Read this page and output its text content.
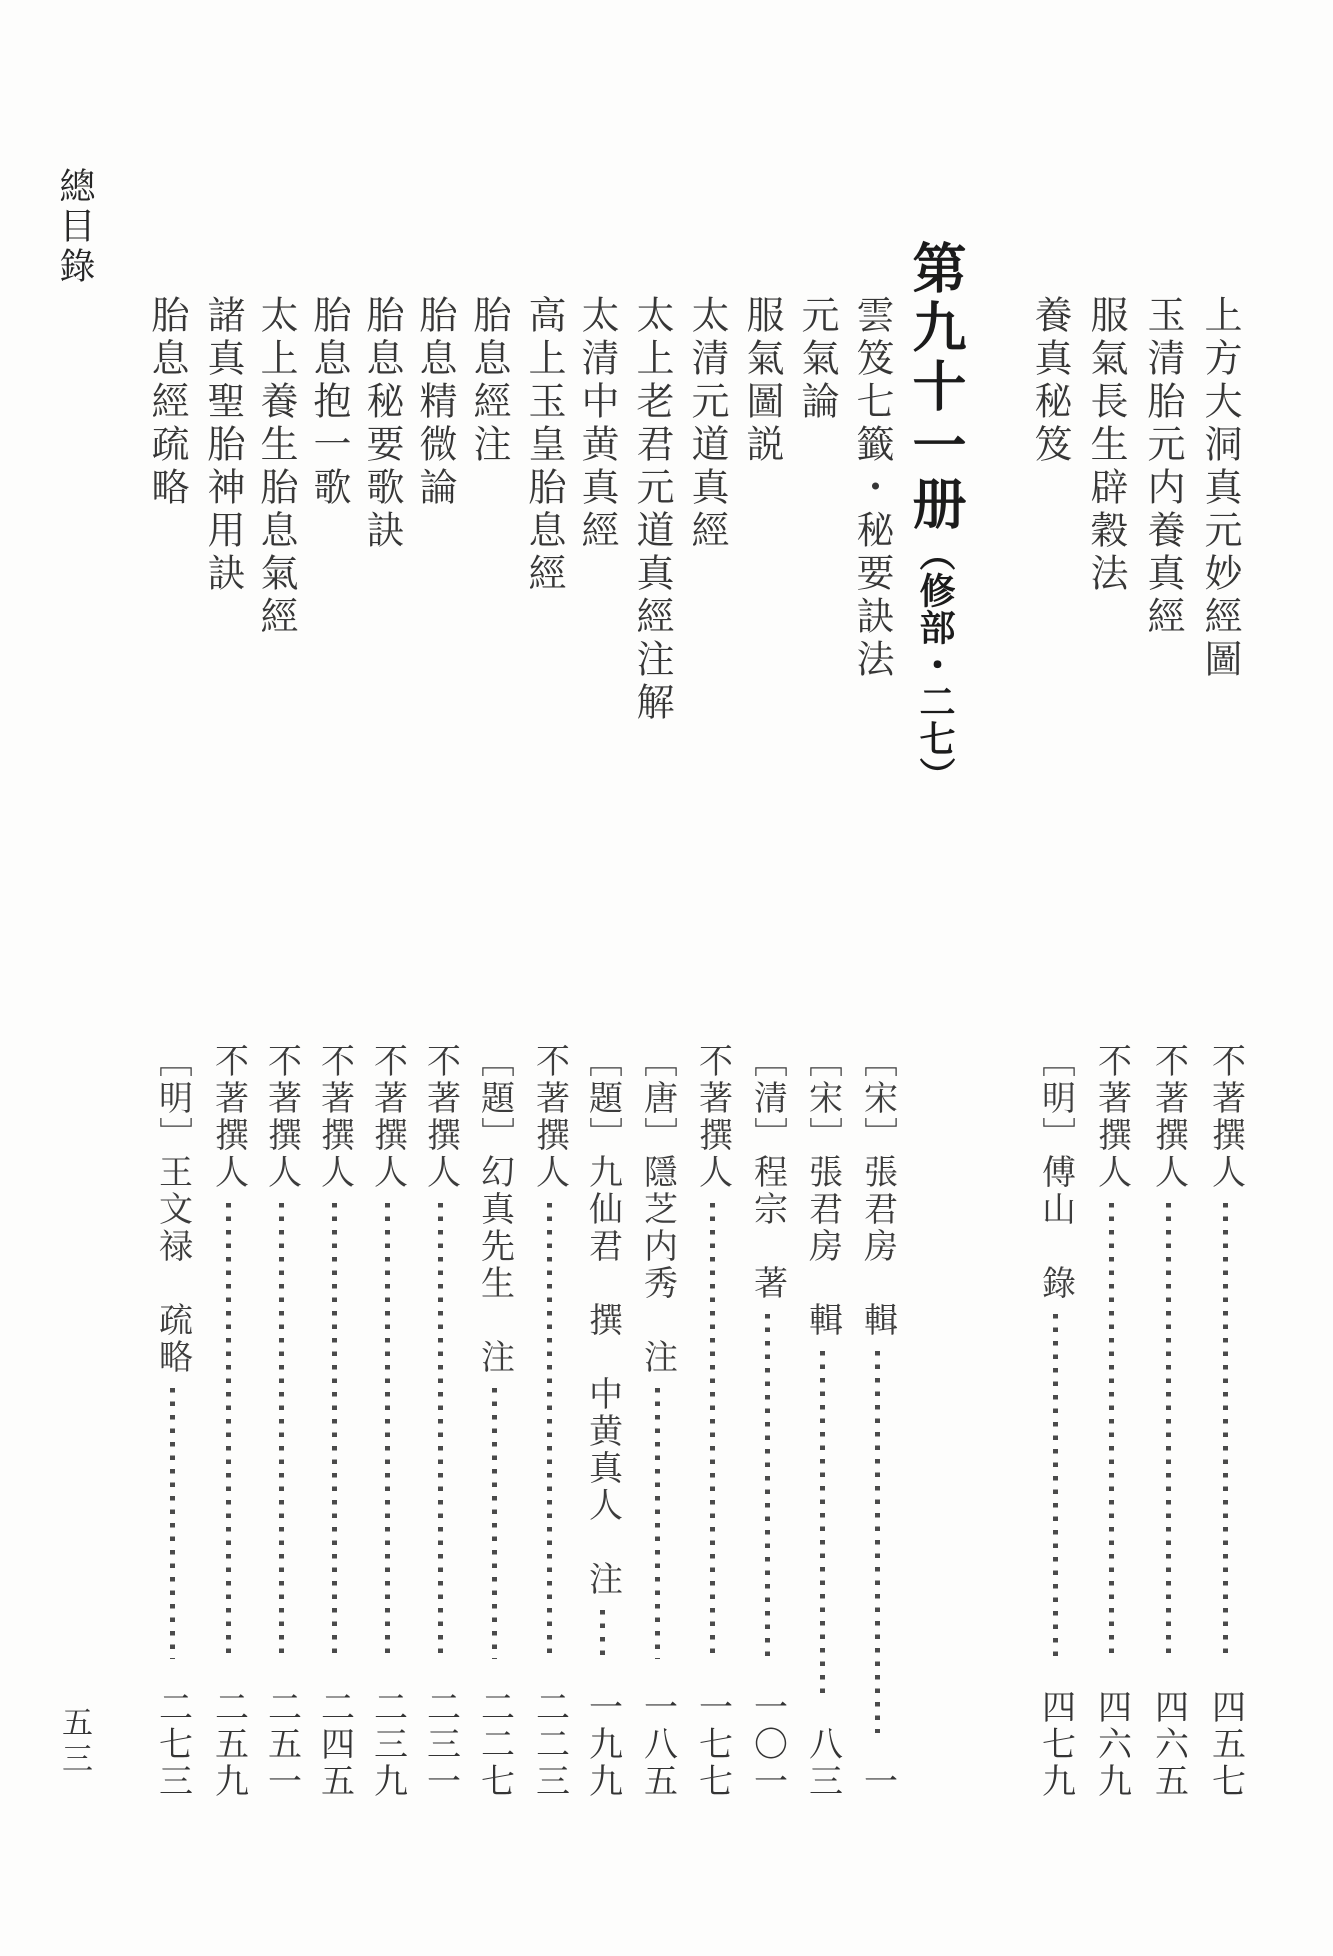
總目錄
上方大洞真元妙經圖
不著撰人
四五七
玉清胎元内養真經
不著撰人
四六五
服氣長生辟穀法
不著撰人
四六九
養真秘笈
［明］傅山　錄
四七九
第九十一册（修部・二七）
雲笈七籤・秘要訣法
［宋］張君房　輯
一
元氣論
［宋］張君房　輯
八三
服氣圖説
［清］程宗　著
一〇一
太清元道真經
不著撰人
一七七
太上老君元道真經注解
［唐］隱芝内秀　注
一八五
太清中黄真經
［題］九仙君　撰　中黄真人　注
一九九
高上玉皇胎息經
不著撰人
二二三
胎息經注
［題］幻真先生　注
二二七
胎息精微論
不著撰人
二三一
胎息秘要歌訣
不著撰人
二三九
胎息抱一歌
不著撰人
二四五
太上養生胎息氣經
不著撰人
二五一
諸真聖胎神用訣
不著撰人
二五九
胎息經疏略
［明］王文禄　疏略
二七三
五三
